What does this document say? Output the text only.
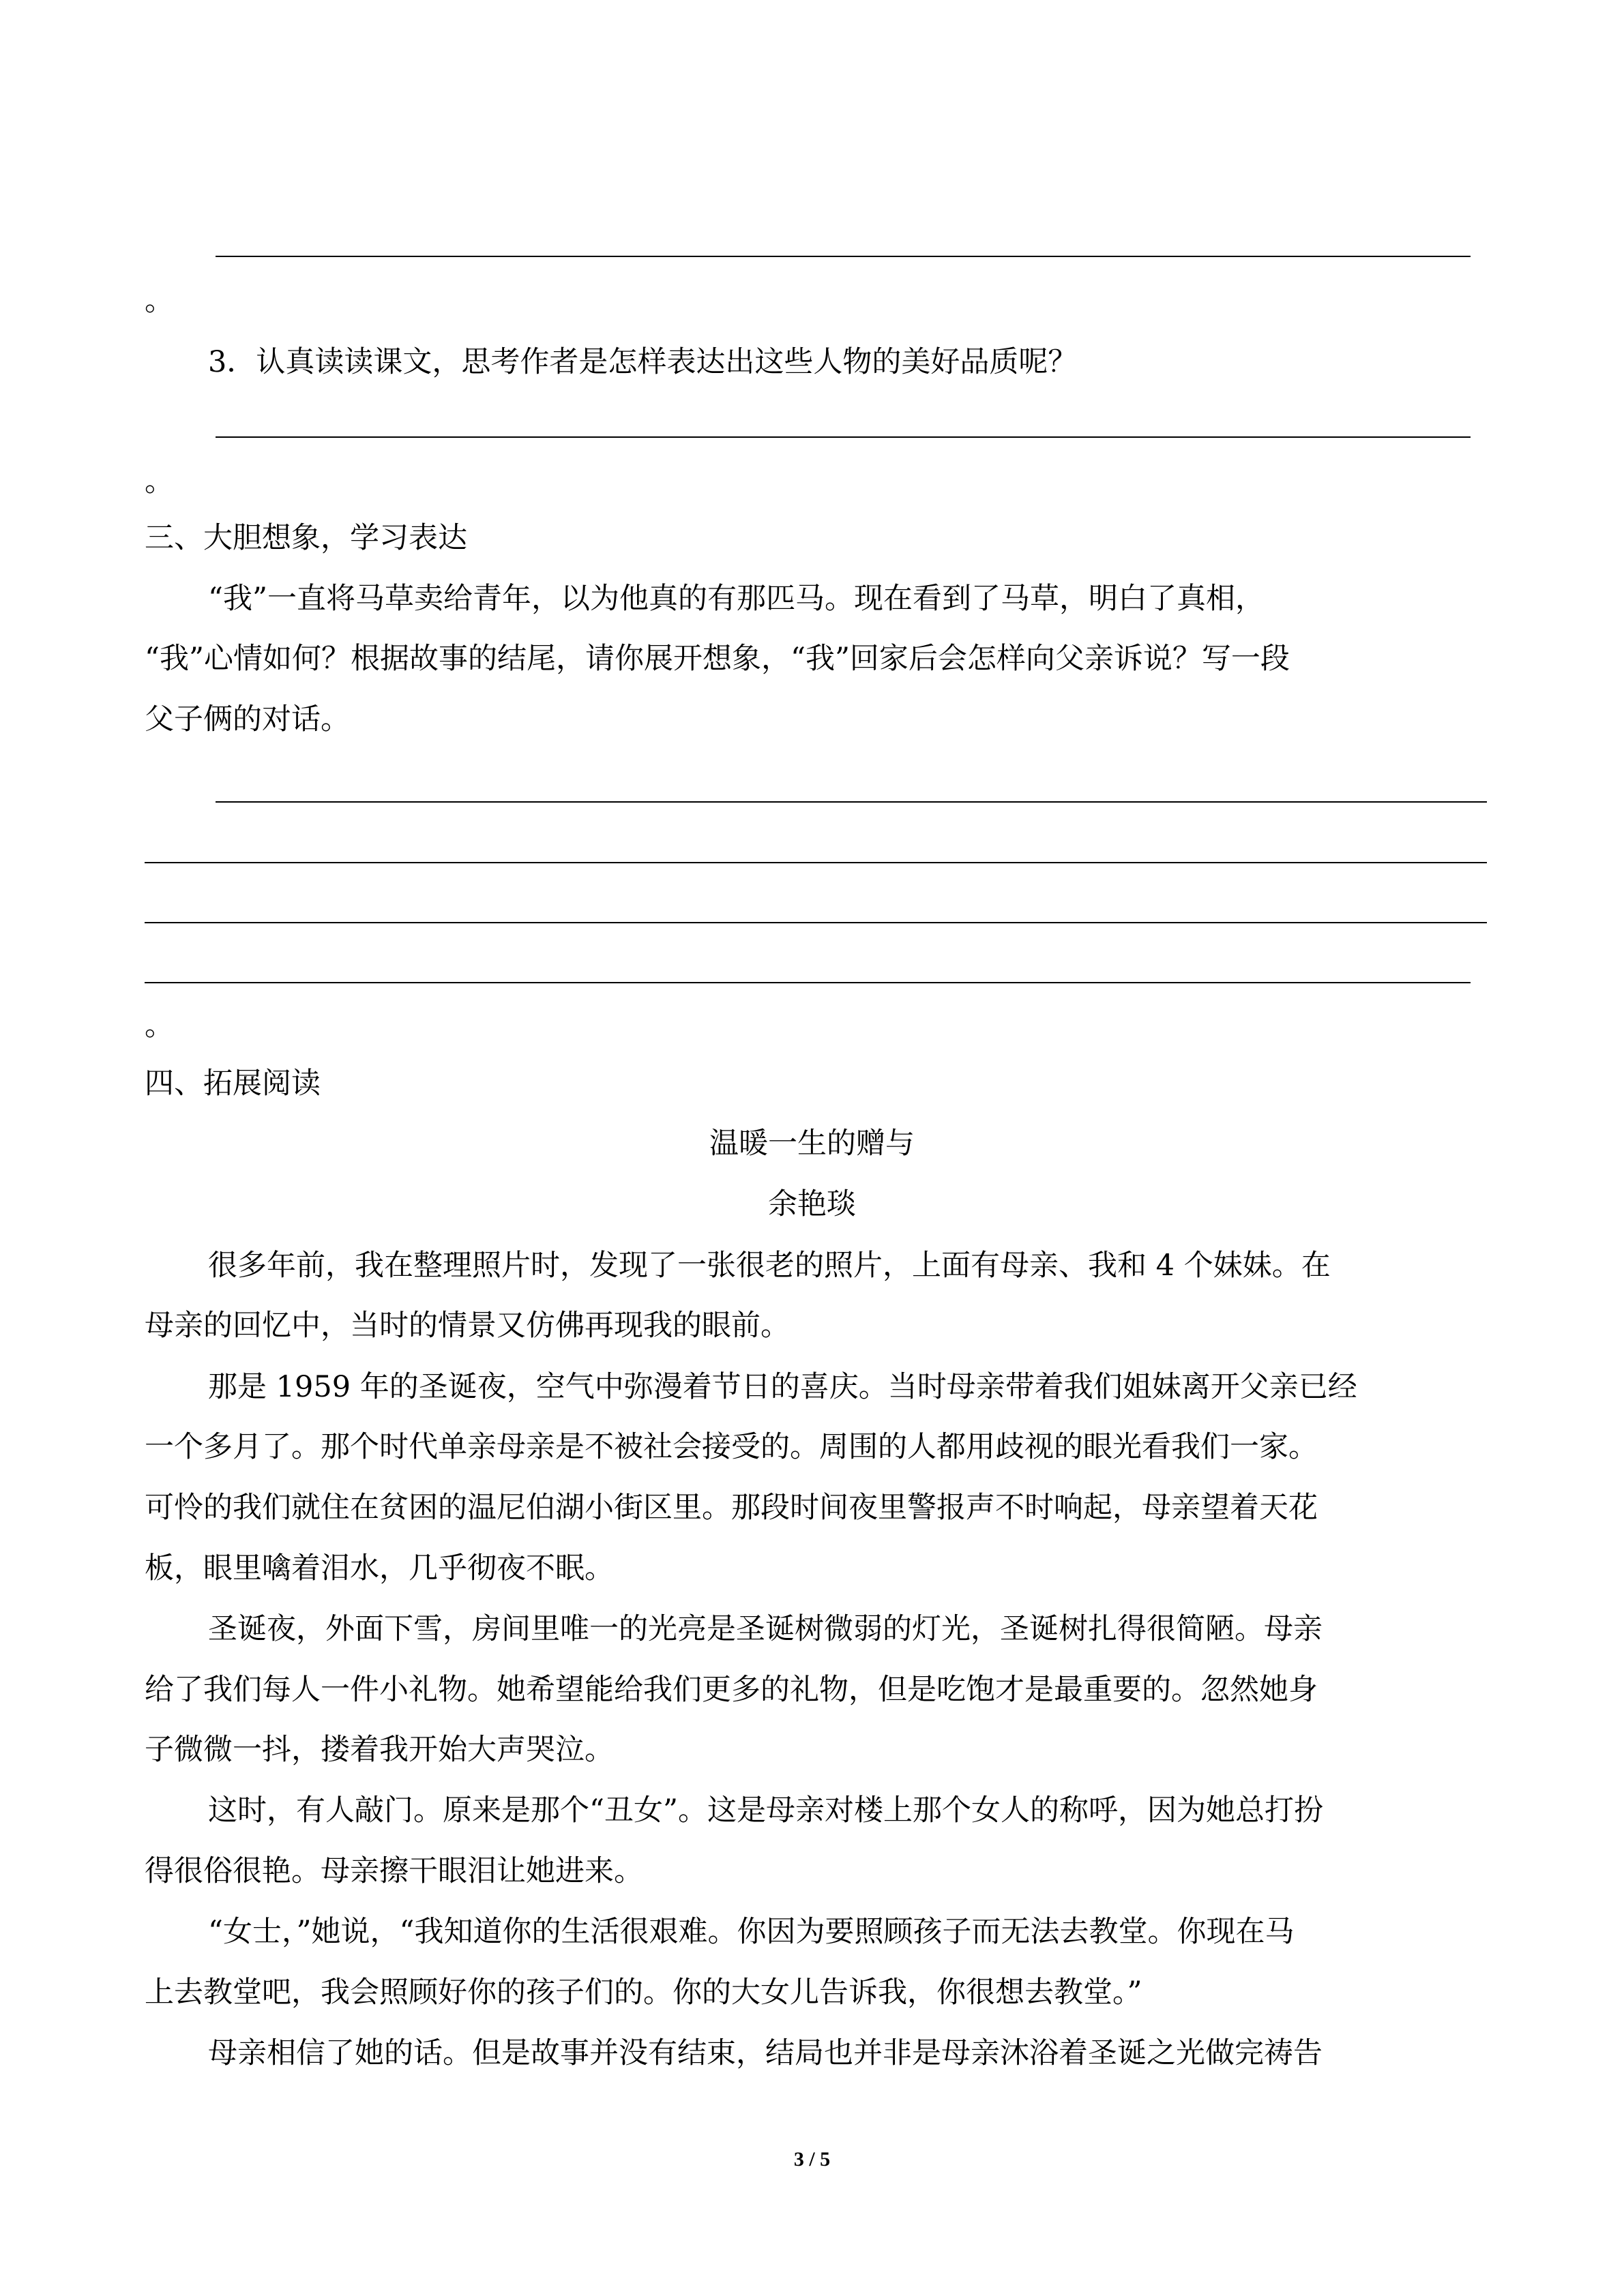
。
3．认真读读课文，思考作者是怎样表达出这些人物的美好品质呢？
。
三、大胆想象，学习表达
“我”一直将马草卖给青年，以为他真的有那匹马。现在看到了马草，明白了真相，
“我”心情如何？根据故事的结尾，请你展开想象，“我”回家后会怎样向父亲诉说？写一段
父子俩的对话。
。
四、拓展阅读
温暖一生的赠与
余艳琰
很多年前，我在整理照片时，发现了一张很老的照片，上面有母亲、我和 4 个妹妹。在
母亲的回忆中，当时的情景又仿佛再现我的眼前。
那是 1959 年的圣诞夜，空气中弥漫着节日的喜庆。当时母亲带着我们姐妹离开父亲已经
一个多月了。那个时代单亲母亲是不被社会接受的。周围的人都用歧视的眼光看我们一家。
可怜的我们就住在贫困的温尼伯湖小街区里。那段时间夜里警报声不时响起，母亲望着天花
板，眼里噙着泪水，几乎彻夜不眠。
圣诞夜，外面下雪，房间里唯一的光亮是圣诞树微弱的灯光，圣诞树扎得很简陋。母亲
给了我们每人一件小礼物。她希望能给我们更多的礼物，但是吃饱才是最重要的。忽然她身
子微微一抖，搂着我开始大声哭泣。
这时，有人敲门。原来是那个“丑女”。这是母亲对楼上那个女人的称呼，因为她总打扮
得很俗很艳。母亲擦干眼泪让她进来。
“女士，”她说，“我知道你的生活很艰难。你因为要照顾孩子而无法去教堂。你现在马
上去教堂吧，我会照顾好你的孩子们的。你的大女儿告诉我，你很想去教堂。”
母亲相信了她的话。但是故事并没有结束，结局也并非是母亲沐浴着圣诞之光做完祷告
3 / 5
